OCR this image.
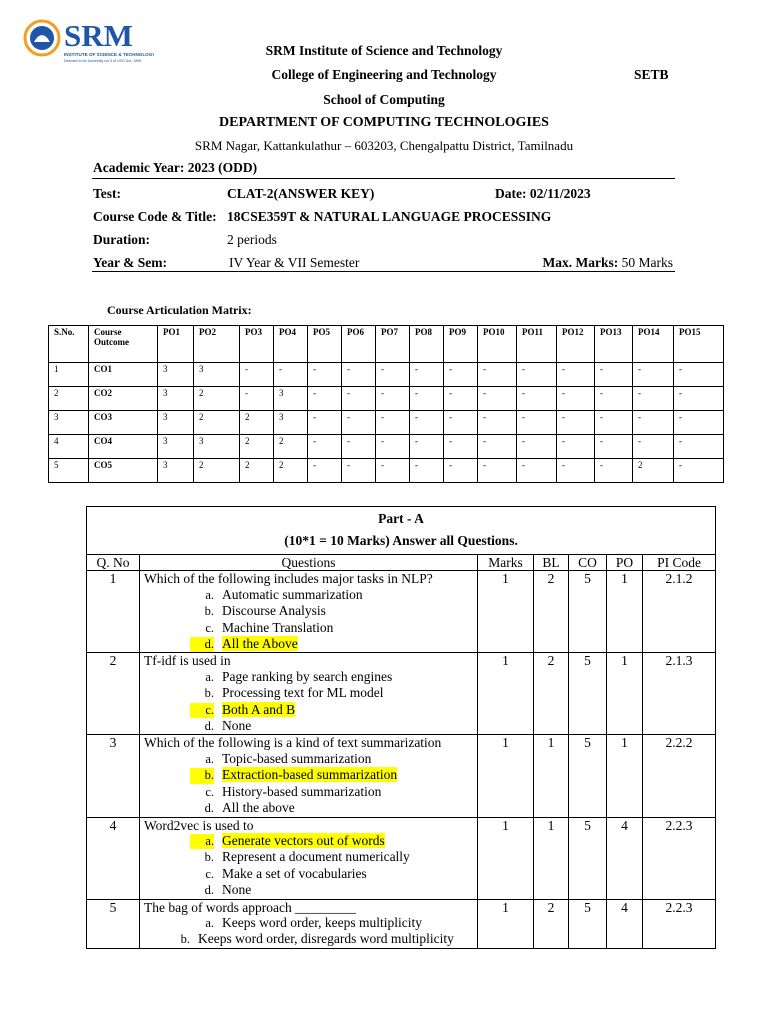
SRM
INSTITUTE OF SCIENCE & TECHNOLOGY
Deemed to be University u/s 3 of UGC Act, 1956
SRM Institute of Science and Technology
College of Engineering and Technology	SETB
School of Computing
DEPARTMENT OF COMPUTING TECHNOLOGIES
SRM Nagar, Kattankulathur – 603203, Chengalpattu District, Tamilnadu
Academic Year: 2023 (ODD)
Test:	CLAT-2(ANSWER KEY)	Date: 02/11/2023
Course Code & Title: 18CSE359T & NATURAL LANGUAGE PROCESSING
Duration:	2 periods
Year & Sem:	IV Year & VII Semester	Max. Marks: 50 Marks
Course Articulation Matrix:
S.No.	Course Outcome	PO1	PO2	PO3	PO4	PO5	PO6	PO7	PO8	PO9	PO10	PO11	PO12	PO13	PO14	PO15
1	CO1	3	3	-	-	-	-	-	-	-	-	-	-	-	-	-
2	CO2	3	2	-	3	-	-	-	-	-	-	-	-	-	-	-
3	CO3	3	2	2	3	-	-	-	-	-	-	-	-	-	-	-
4	CO4	3	3	2	2	-	-	-	-	-	-	-	-	-	-	-
5	CO5	3	2	2	2	-	-	-	-	-	-	-	-	-	2	-
Part - A
(10*1 = 10 Marks) Answer all Questions.						

Q. No	Questions	Marks	BL	CO	PO	PI Code
1	Which of the following includes major tasks in NLP?
a. Automatic summarization
b. Discourse Analysis
c. Machine Translation
d. All the Above	1	2	5	1	2.1.2
2	Tf-idf is used in
a. Page ranking by search engines
b. Processing text for ML model
c. Both A and B
d. None	1	2	5	1	2.1.3
3	Which of the following is a kind of text summarization
a. Topic-based summarization
b. Extraction-based summarization
c. History-based summarization
d. All the above	1	1	5	1	2.2.2
4	Word2vec is used to
a. Generate vectors out of words
b. Represent a document numerically
c. Make a set of vocabularies
d. None	1	1	5	4	2.2.3
5	The bag of words approach _________
a. Keeps word order, keeps multiplicity
b. Keeps word order, disregards word multiplicity	1	2	5	4	2.2.3
